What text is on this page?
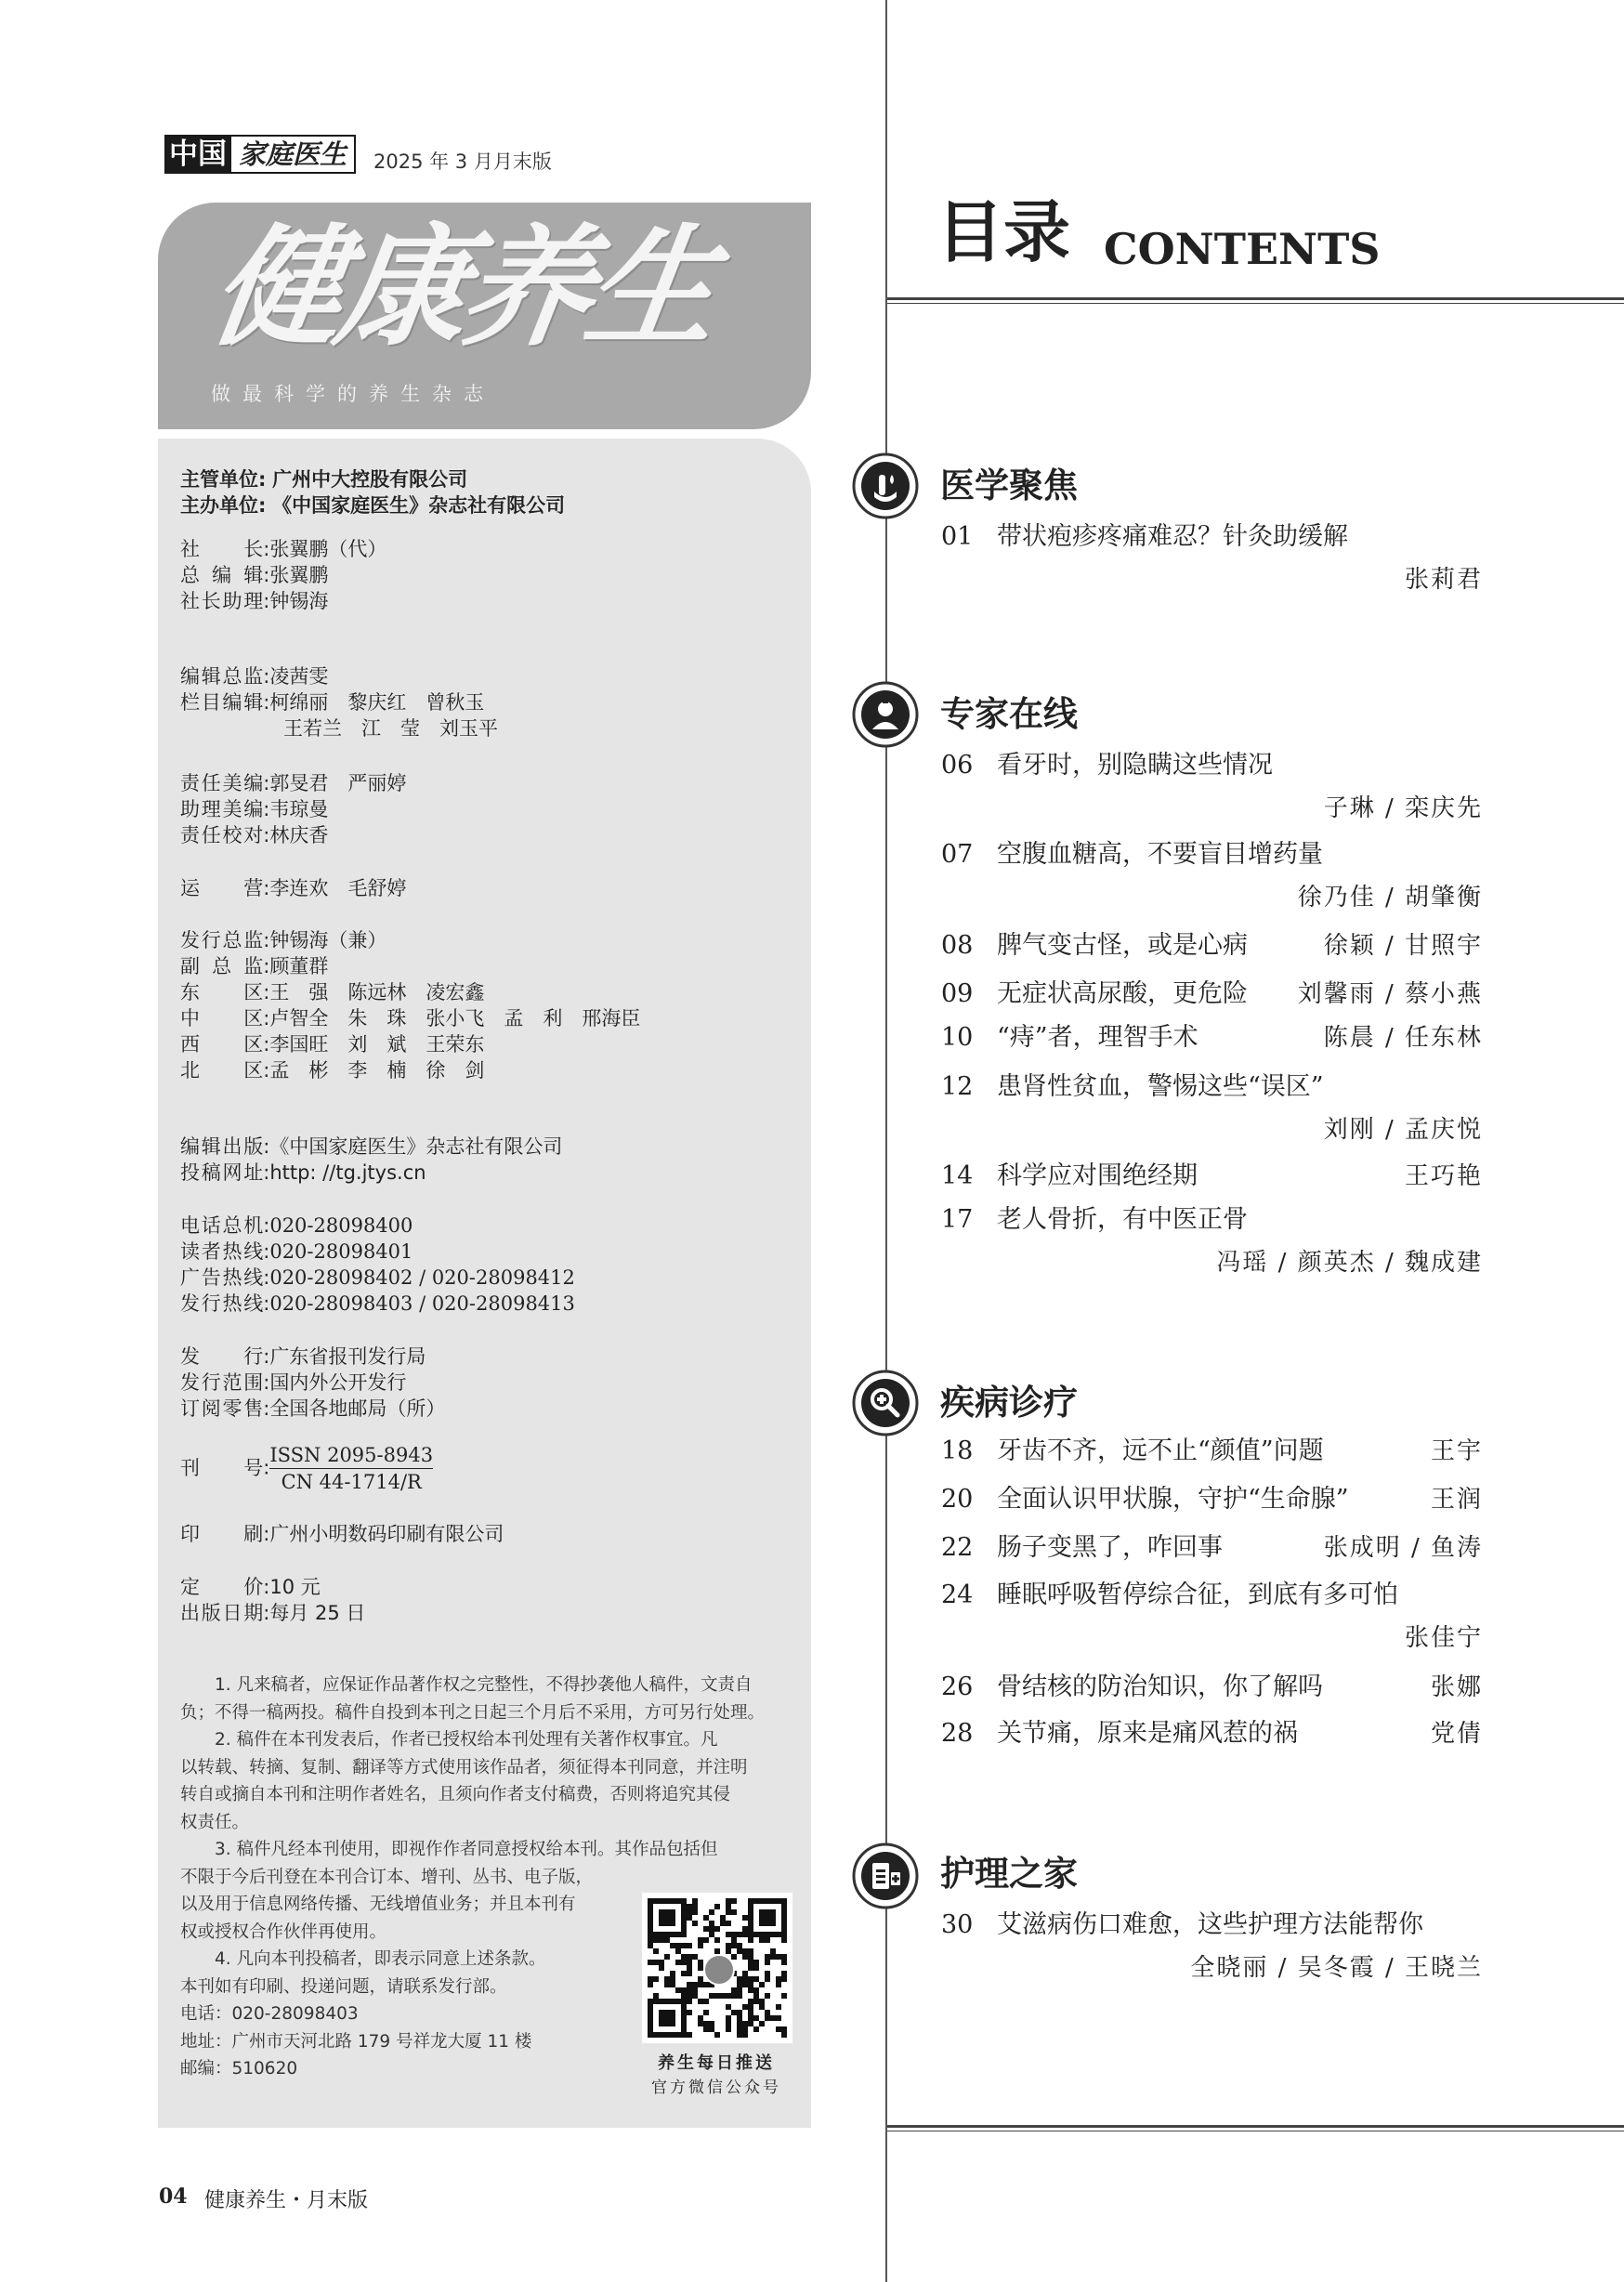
中国 家庭医生	2025 年 3 月月末版
健康养生
做最科学的养生杂志
主管单位: 广州中大控股有限公司
主办单位: 《中国家庭医生》杂志社有限公司
社长:张翼鹏（代）
总编辑:张翼鹏
社长助理:钟锡海
编辑总监:凌茜雯
栏目编辑:柯绵丽　黎庆红　曾秋玉
王若兰　江　莹　刘玉平
责任美编:郭旻君　严丽婷
助理美编:韦琼曼
责任校对:林庆香
运营:李连欢　毛舒婷
发行总监:钟锡海（兼）
副总监:顾董群
东区:王　强　陈远林　凌宏鑫
中区:卢智全　朱　珠　张小飞　孟　利　邢海臣
西区:李国旺　刘　斌　王荣东
北区:孟　彬　李　楠　徐　剑
编辑出版:《中国家庭医生》杂志社有限公司
投稿网址:http: //tg.jtys.cn
电话总机:020-28098400
读者热线:020-28098401
广告热线:020-28098402 / 020-28098412
发行热线:020-28098403 / 020-28098413
发行:广东省报刊发行局
发行范围:国内外公开发行
订阅零售:全国各地邮局（所）
刊号:
ISSN 2095-8943
CN 44-1714/R
印刷:广州小明数码印刷有限公司
定价:10 元
出版日期:每月 25 日

1. 凡来稿者，应保证作品著作权之完整性，不得抄袭他人稿件，文责自

负；不得一稿两投。稿件自投到本刊之日起三个月后不采用，方可另行处理。

2. 稿件在本刊发表后，作者已授权给本刊处理有关著作权事宜。凡

以转载、转摘、复制、翻译等方式使用该作品者，须征得本刊同意，并注明

转自或摘自本刊和注明作者姓名，且须向作者支付稿费，否则将追究其侵

权责任。

3. 稿件凡经本刊使用，即视作作者同意授权给本刊。其作品包括但

不限于今后刊登在本刊合订本、增刊、丛书、电子版，

以及用于信息网络传播、无线增值业务；并且本刊有

权或授权合作伙伴再使用。

4. 凡向本刊投稿者，即表示同意上述条款。

本刊如有印刷、投递问题，请联系发行部。

电话：020-28098403

地址：广州市天河北路 179 号祥龙大厦 11 楼

邮编：510620	养生每日推送
官方微信公众号
04 健康养生・月末版
目录 CONTENTS
医学聚焦
01 带状疱疹疼痛难忍？针灸助缓解
张莉君
专家在线
06 看牙时，别隐瞒这些情况
子琳 / 栾庆先
07 空腹血糖高，不要盲目增药量
徐乃佳 / 胡肇衡
08 脾气变古怪，或是心病	徐颖 / 甘照宇
09 无症状高尿酸，更危险 刘馨雨 / 蔡小燕
10 “痔”者，理智手术	陈晨 / 任东林
12 患肾性贫血，警惕这些“误区”
刘刚 / 孟庆悦
14 科学应对围绝经期	王巧艳
17 老人骨折，有中医正骨
冯瑶 / 颜英杰 / 魏成建
疾病诊疗
18 牙齿不齐，远不止“颜值”问题	王宇
20 全面认识甲状腺，守护“生命腺”	王润
22 肠子变黑了，咋回事	张成明 / 鱼涛
24 睡眠呼吸暂停综合征，到底有多可怕
张佳宁
26 骨结核的防治知识，你了解吗	张娜
28 关节痛，原来是痛风惹的祸	党倩
护理之家
30 艾滋病伤口难愈，这些护理方法能帮你
全晓丽 / 吴冬霞 / 王晓兰
